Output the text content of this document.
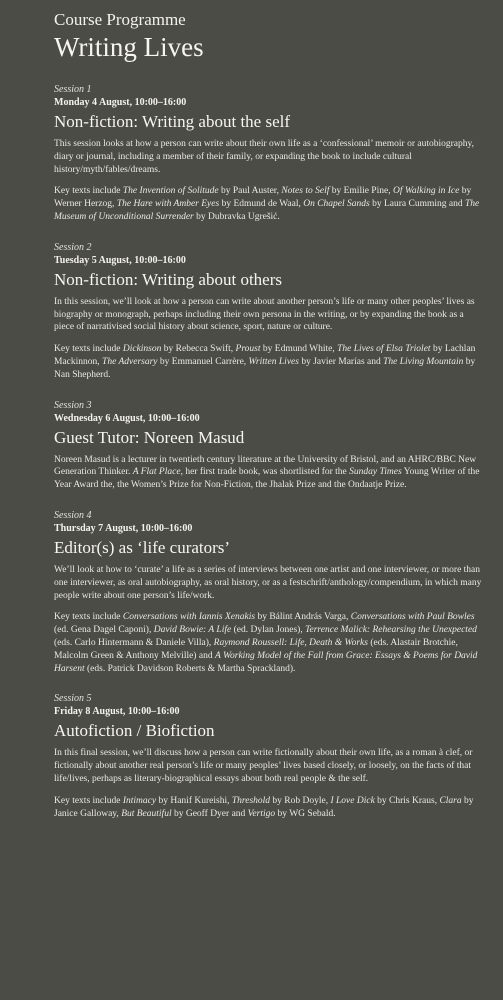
Course Programme

Writing Lives
Session 1
Monday 4 August, 10:00–16:00
Non-fiction: Writing about the self

This session looks at how a person can write about their own life as a ‘confessional’ memoir or autobiography, diary or journal, including a member of their family, or expanding the book to include cultural history/myth/fables/dreams.

Key texts include The Invention of Solitude by Paul Auster, Notes to Self by Emilie Pine, Of Walking in Ice by Werner Herzog, The Hare with Amber Eyes by Edmund de Waal, On Chapel Sands by Laura Cumming and The Museum of Unconditional Surrender by Dubravka Ugrešić.

Session 2
Tuesday 5 August, 10:00–16:00
Non-fiction: Writing about others

In this session, we’ll look at how a person can write about another person’s life or many other peoples’ lives as biography or monograph, perhaps including their own persona in the writing, or by expanding the book as a piece of narrativised social history about science, sport, nature or culture.

Key texts include Dickinson by Rebecca Swift, Proust by Edmund White, The Lives of Elsa Triolet by Lachlan Mackinnon, The Adversary by Emmanuel Carrère, Written Lives by Javier Marías and The Living Mountain by Nan Shepherd.

Session 3
Wednesday 6 August, 10:00–16:00
Guest Tutor: Noreen Masud

Noreen Masud is a lecturer in twentieth century literature at the University of Bristol, and an AHRC/BBC New Generation Thinker. A Flat Place, her first trade book, was shortlisted for the Sunday Times Young Writer of the Year Award the, the Women’s Prize for Non-Fiction, the Jhalak Prize and the Ondaatje Prize.

Session 4
Thursday 7 August, 10:00–16:00
Editor(s) as ‘life curators’

We’ll look at how to ‘curate’ a life as a series of interviews between one artist and one interviewer, or more than one interviewer, as oral autobiography, as oral history, or as a festschrift/anthology/compendium, in which many people write about one person’s life/work.

Key texts include Conversations with Iannis Xenakis by Bálint András Varga, Conversations with Paul Bowles (ed. Gena Dagel Caponi), David Bowie: A Life (ed. Dylan Jones), Terrence Malick: Rehearsing the Unexpected (eds. Carlo Hintermann & Daniele Villa), Raymond Roussell: Life, Death & Works (eds. Alastair Brotchie, Malcolm Green & Anthony Melville) and A Working Model of the Fall from Grace: Essays & Poems for David Harsent (eds. Patrick Davidson Roberts & Martha Sprackland).

Session 5
Friday 8 August, 10:00–16:00
Autofiction / Biofiction

In this final session, we’ll discuss how a person can write fictionally about their own life, as a roman à clef, or fictionally about another real person’s life or many peoples’ lives based closely, or loosely, on the facts of that life/lives, perhaps as literary-biographical essays about both real people & the self.

Key texts include Intimacy by Hanif Kureishi, Threshold by Rob Doyle, I Love Dick by Chris Kraus, Clara by Janice Galloway, But Beautiful by Geoff Dyer and Vertigo by WG Sebald.
